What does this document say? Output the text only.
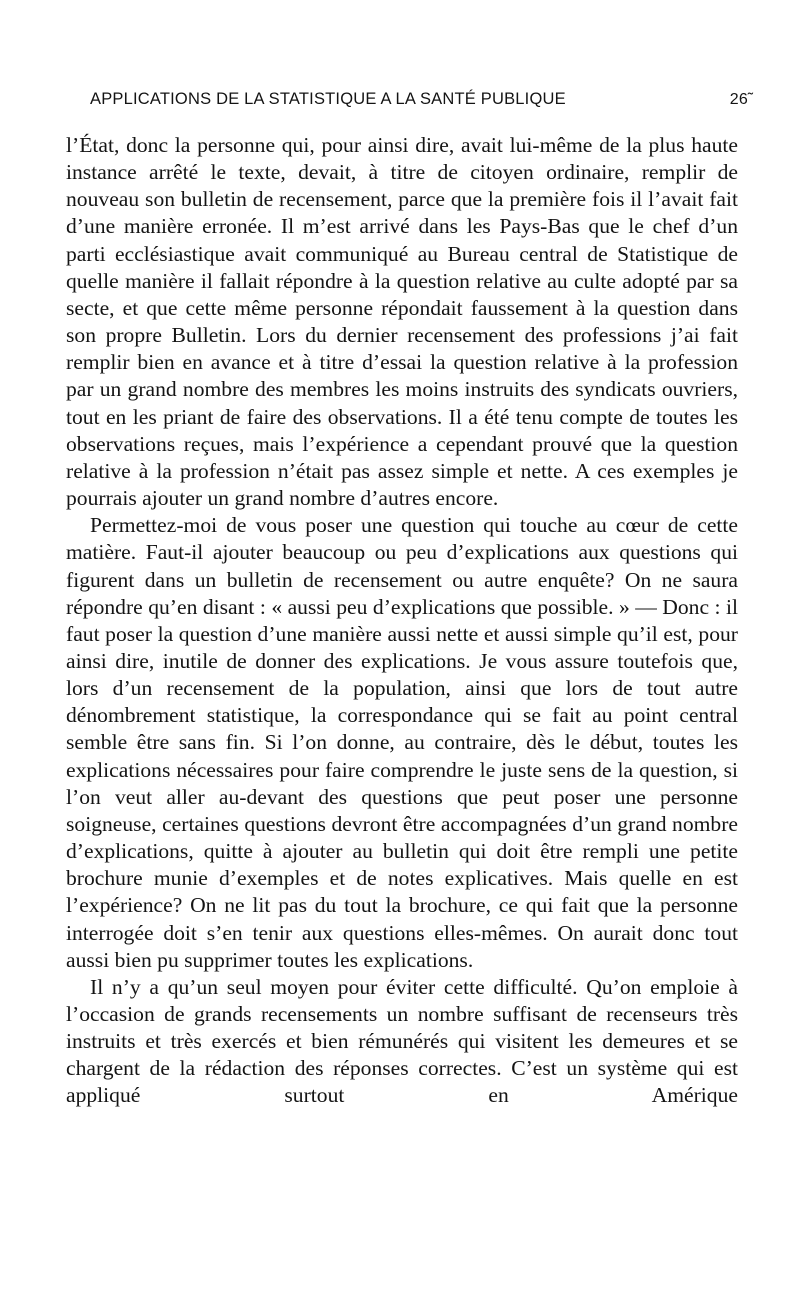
APPLICATIONS DE LA STATISTIQUE A LA SANTÉ PUBLIQUE	26̃

l’État, donc la personne qui, pour ainsi dire, avait lui-même de la plus haute instance arrêté le texte, devait, à titre de citoyen ordinaire, remplir de nouveau son bulletin de recensement, parce que la première fois il l’avait fait d’une manière erronée. Il m’est arrivé dans les Pays-Bas que le chef d’un parti ecclésiastique avait communiqué au Bureau central de Statistique de quelle manière il fallait répondre à la question relative au culte adopté par sa secte, et que cette même personne répondait faussement à la question dans son propre Bulletin. Lors du dernier recensement des professions j’ai fait remplir bien en avance et à titre d’essai la question relative à la profession par un grand nombre des membres les moins instruits des syndicats ouvriers, tout en les priant de faire des observations. Il a été tenu compte de toutes les observations reçues, mais l’expérience a cependant prouvé que la question relative à la profession n’était pas assez simple et nette. A ces exemples je pourrais ajouter un grand nombre d’autres encore.

Permettez-moi de vous poser une question qui touche au cœur de cette matière. Faut-il ajouter beaucoup ou peu d’explications aux questions qui figurent dans un bulletin de recensement ou autre enquête? On ne saura répondre qu’en disant : « aussi peu d’explications que possible. » — Donc : il faut poser la question d’une manière aussi nette et aussi simple qu’il est, pour ainsi dire, inutile de donner des explications. Je vous assure toutefois que, lors d’un recensement de la population, ainsi que lors de tout autre dénombrement statistique, la correspondance qui se fait au point central semble être sans fin. Si l’on donne, au contraire, dès le début, toutes les explications nécessaires pour faire comprendre le juste sens de la question, si l’on veut aller au-devant des questions que peut poser une personne soigneuse, certaines questions devront être accompagnées d’un grand nombre d’explications, quitte à ajouter au bulletin qui doit être rempli une petite brochure munie d’exemples et de notes explicatives. Mais quelle en est l’expérience? On ne lit pas du tout la brochure, ce qui fait que la personne interrogée doit s’en tenir aux questions elles-mêmes. On aurait donc tout aussi bien pu supprimer toutes les explications.

Il n’y a qu’un seul moyen pour éviter cette difficulté. Qu’on emploie à l’occasion de grands recensements un nombre suffisant de recenseurs très instruits et très exercés et bien rémunérés qui visitent les demeures et se chargent de la rédaction des réponses correctes. C’est un système qui est appliqué surtout en Amérique
